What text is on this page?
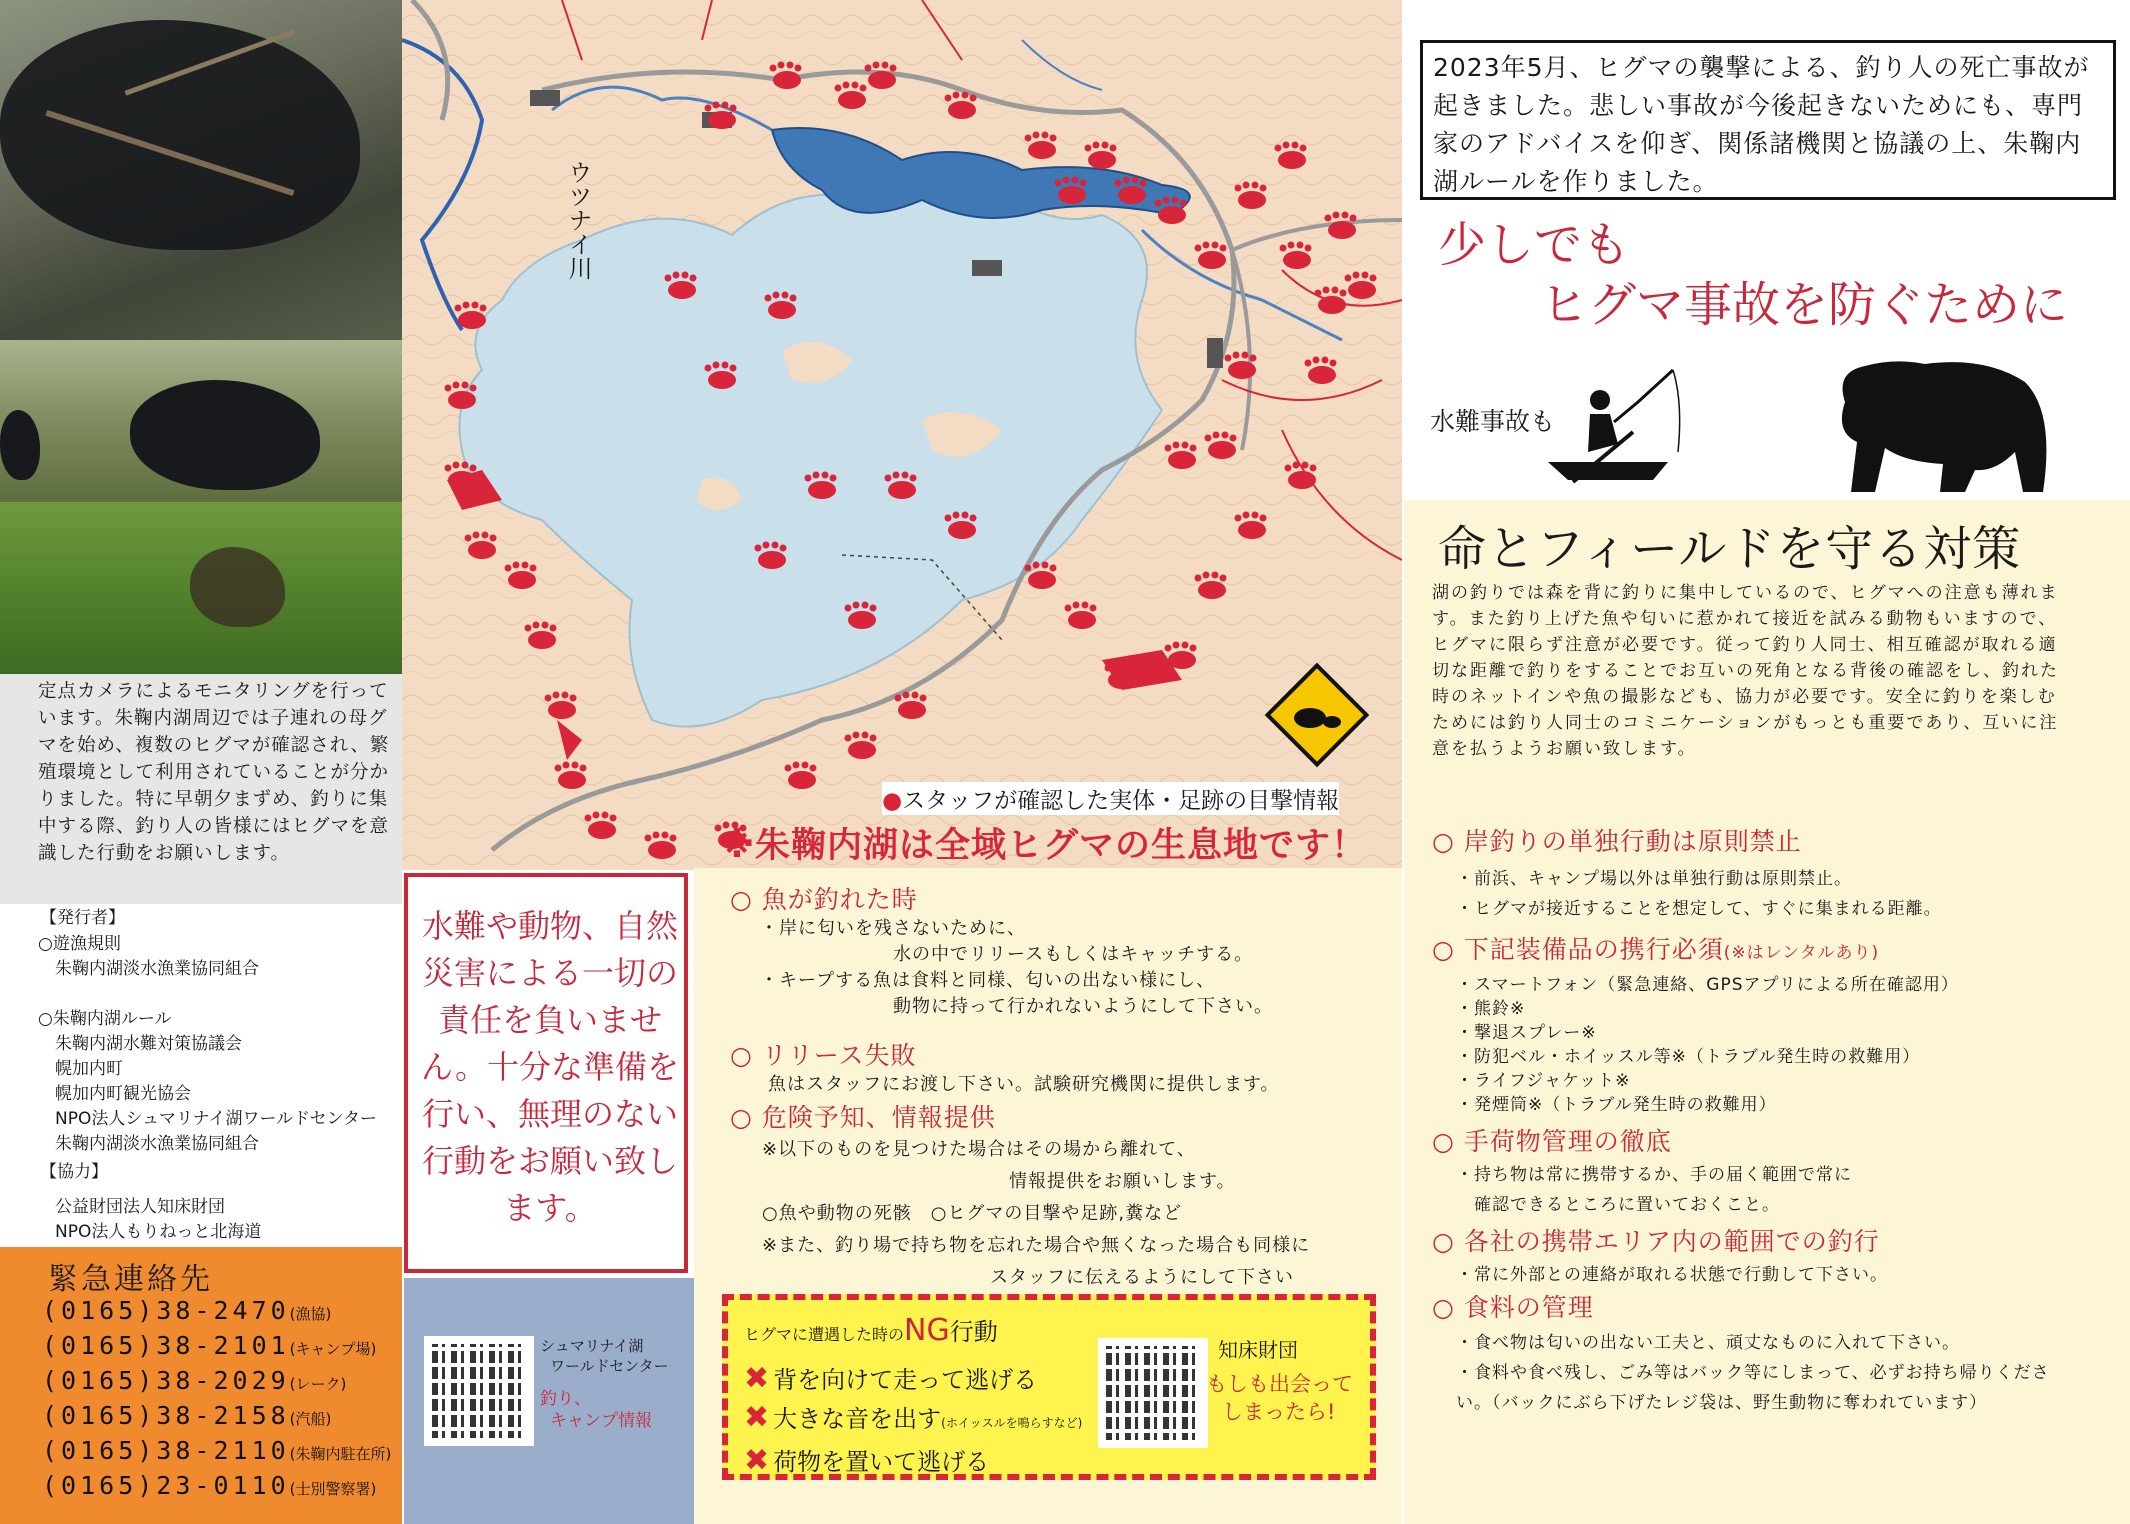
定点カメラによるモニタリングを行っています。朱鞠内湖周辺では子連れの母グマを始め、複数のヒグマが確認され、繁殖環境として利用されていることが分かりました。特に早朝夕まずめ、釣りに集中する際、釣り人の皆様にはヒグマを意 識した行動をお願いします。
【発行者】
○遊漁規則
　朱鞠内湖淡水漁業協同組合

○朱鞠内湖ルール
　朱鞠内湖水難対策協議会
　幌加内町
　幌加内町観光協会
　NPO法人シュマリナイ湖ワールドセンター
　朱鞠内湖淡水漁業協同組合
【協力】
　公益財団法人知床財団
　NPO法人もりねっと北海道
緊急連絡先
(0165)38-2470(漁協)
(0165)38-2101(キャンプ場)
(0165)38-2029(レーク)
(0165)38-2158(汽船)
(0165)38-2110(朱鞠内駐在所)
(0165)23-0110(士別警察署)
ウツナイ川
●スタッフが確認した実体・足跡の目撃情報
※朱鞠内湖は全域ヒグマの生息地です！
水難や動物、自然災害による一切の責任を負いません。十分な準備を行い、無理のない行動をお願い致します。
シュマリナイ湖
ワールドセンター
釣り、
キャンプ情報
○ 魚が釣れた時
・岸に匂いを残さないために、
　　　　　　　水の中でリリースもしくはキャッチする。
・キープする魚は食料と同様、匂いの出ない様にし、
　　　　　　　動物に持って行かれないようにして下さい。
○ リリース失敗
魚はスタッフにお渡し下さい。試験研究機関に提供します。
○ 危険予知、情報提供
※以下のものを見つけた場合はその場から離れて、
　　　　　　　　　　　　　情報提供をお願いします。
○魚や動物の死骸　○ヒグマの目撃や足跡,糞など
※また、釣り場で持ち物を忘れた場合や無くなった場合も同様に
　　　　　　　　　　　　スタッフに伝えるようにして下さい
ヒグマに遭遇した時のNG行動
✖ 背を向けて走って逃げる
✖ 大きな音を出す(ホイッスルを鳴らすなど)
✖ 荷物を置いて逃げる
知床財団
もしも出会って
しまったら!
2023年5月、ヒグマの襲撃による、釣り人の死亡事故が起きました。悲しい事故が今後起きないためにも、専門家のアドバイスを仰ぎ、関係諸機関と協議の上、朱鞠内湖ルールを作りました。
少しでも
ヒグマ事故を防ぐために
水難事故も
命とフィールドを守る対策
湖の釣りでは森を背に釣りに集中しているので、ヒグマへの注意も薄れます。また釣り上げた魚や匂いに惹かれて接近を試みる動物もいますので、ヒグマに限らず注意が必要です。従って釣り人同士、相互確認が取れる適切な距離で釣りをすることでお互いの死角となる背後の確認をし、釣れた時のネットインや魚の撮影なども、協力が必要です。安全に釣りを楽しむためには釣り人同士のコミニケーションがもっとも重要であり、互いに注意を払うようお願い致します。
○ 岸釣りの単独行動は原則禁止
・前浜、キャンプ場以外は単独行動は原則禁止。
・ヒグマが接近することを想定して、すぐに集まれる距離。
○ 下記装備品の携行必須(※はレンタルあり)
・スマートフォン（緊急連絡、GPSアプリによる所在確認用）
・熊鈴※
・撃退スプレー※
・防犯ベル・ホイッスル等※（トラブル発生時の救難用）
・ライフジャケット※
・発煙筒※（トラブル発生時の救難用）
○ 手荷物管理の徹底
・持ち物は常に携帯するか、手の届く範囲で常に
　確認できるところに置いておくこと。
○ 各社の携帯エリア内の範囲での釣行
・常に外部との連絡が取れる状態で行動して下さい。
○ 食料の管理
・食べ物は匂いの出ない工夫と、頑丈なものに入れて下さい。
・食料や食べ残し、ごみ等はバック等にしまって、必ずお持ち帰りください。（バックにぶら下げたレジ袋は、野生動物に奪われています）
